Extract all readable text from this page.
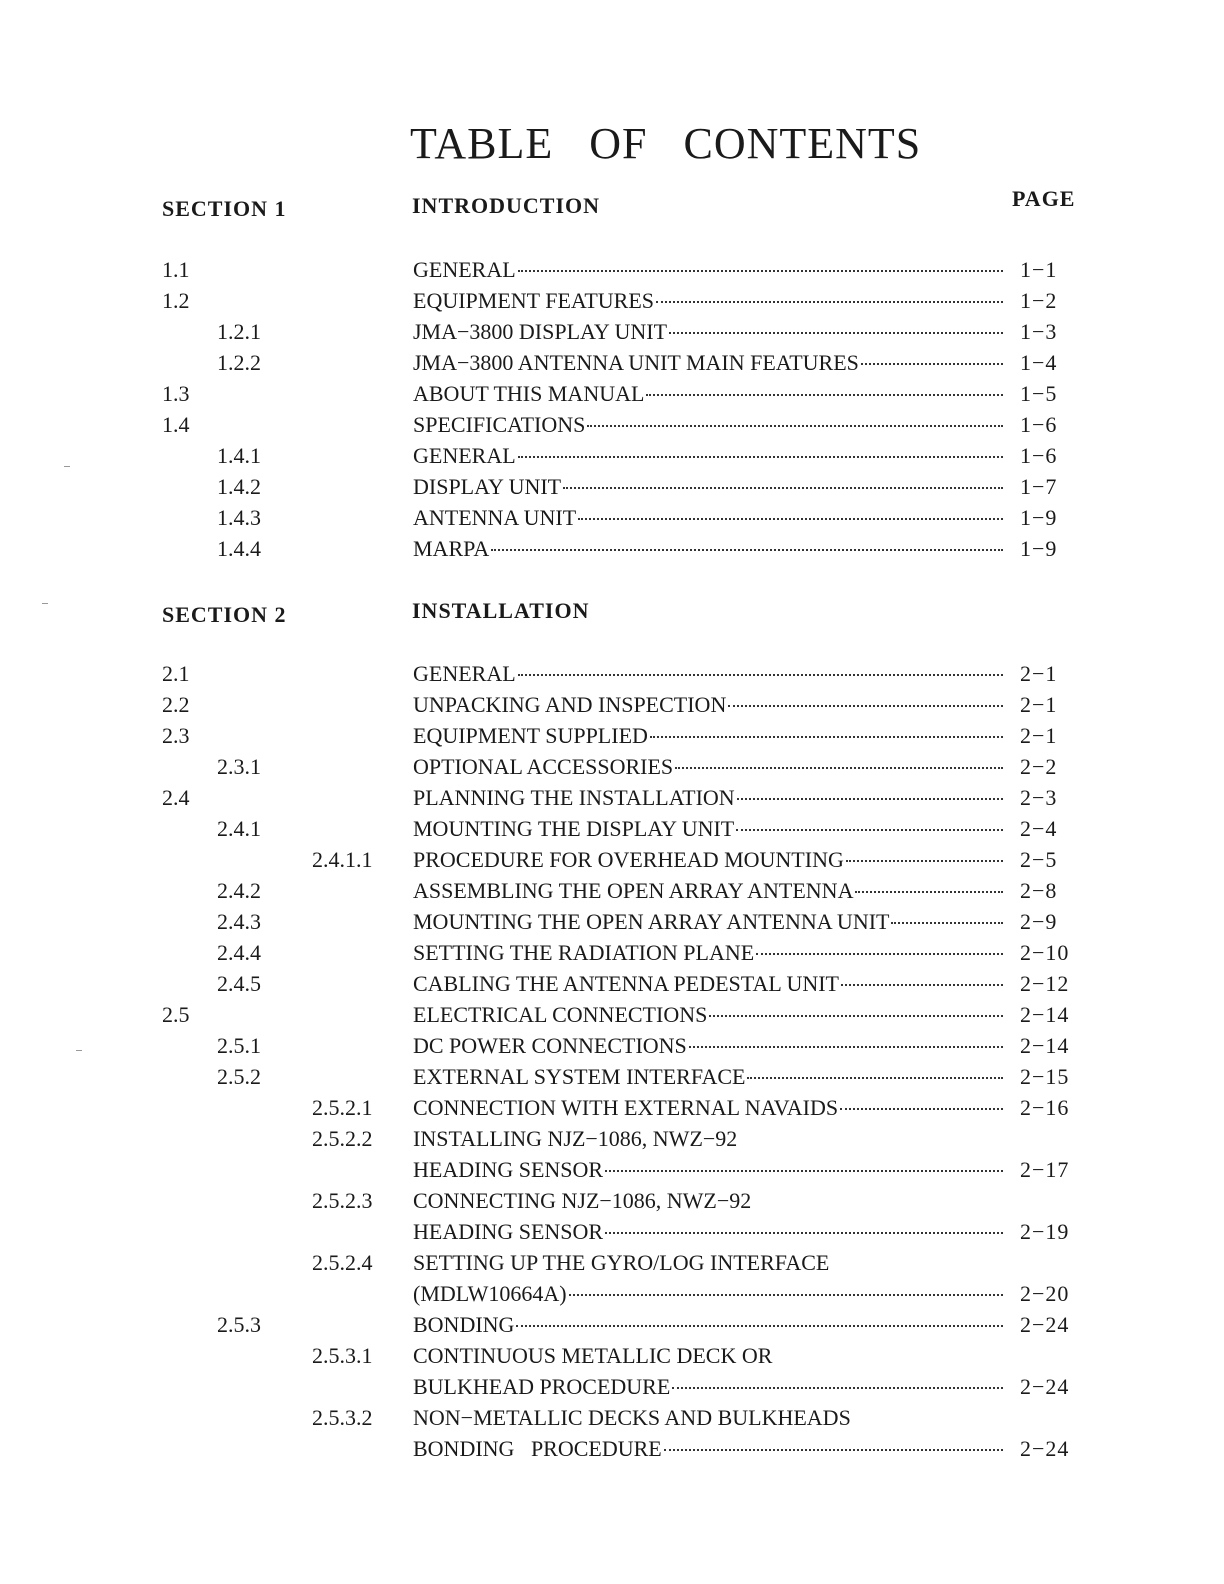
TABLE   OF   CONTENTS
SECTION 1	INTRODUCTION	PAGE
1.1	GENERAL	1−1
1.2	EQUIPMENT FEATURES	1−2
1.2.1	JMA−3800 DISPLAY UNIT	1−3
1.2.2	JMA−3800 ANTENNA UNIT MAIN FEATURES	1−4
1.3	ABOUT THIS MANUAL	1−5
1.4	SPECIFICATIONS	1−6
1.4.1	GENERAL	1−6
1.4.2	DISPLAY UNIT	1−7
1.4.3	ANTENNA UNIT	1−9
1.4.4	MARPA	1−9
SECTION 2	INSTALLATION
2.1	GENERAL	2−1
2.2	UNPACKING AND INSPECTION	2−1
2.3	EQUIPMENT SUPPLIED	2−1
2.3.1	OPTIONAL ACCESSORIES	2−2
2.4	PLANNING THE INSTALLATION	2−3
2.4.1	MOUNTING THE DISPLAY UNIT	2−4
2.4.1.1 PROCEDURE FOR OVERHEAD MOUNTING	2−5
2.4.2	ASSEMBLING THE OPEN ARRAY ANTENNA	2−8
2.4.3	MOUNTING THE OPEN ARRAY ANTENNA UNIT	2−9
2.4.4	SETTING THE RADIATION PLANE	2−10
2.4.5	CABLING THE ANTENNA PEDESTAL UNIT	2−12
2.5	ELECTRICAL CONNECTIONS	2−14
2.5.1	DC POWER CONNECTIONS	2−14
2.5.2	EXTERNAL SYSTEM INTERFACE	2−15
2.5.2.1 CONNECTION WITH EXTERNAL NAVAIDS	2−16
2.5.2.2 INSTALLING NJZ−1086, NWZ−92
HEADING SENSOR	2−17
2.5.2.3 CONNECTING NJZ−1086, NWZ−92
HEADING SENSOR	2−19
2.5.2.4 SETTING UP THE GYRO/LOG INTERFACE
(MDLW10664A)	2−20
2.5.3	BONDING	2−24
2.5.3.1 CONTINUOUS METALLIC DECK OR
BULKHEAD PROCEDURE	2−24
2.5.3.2 NON−METALLIC DECKS AND BULKHEADS
BONDING   PROCEDURE	2−24
